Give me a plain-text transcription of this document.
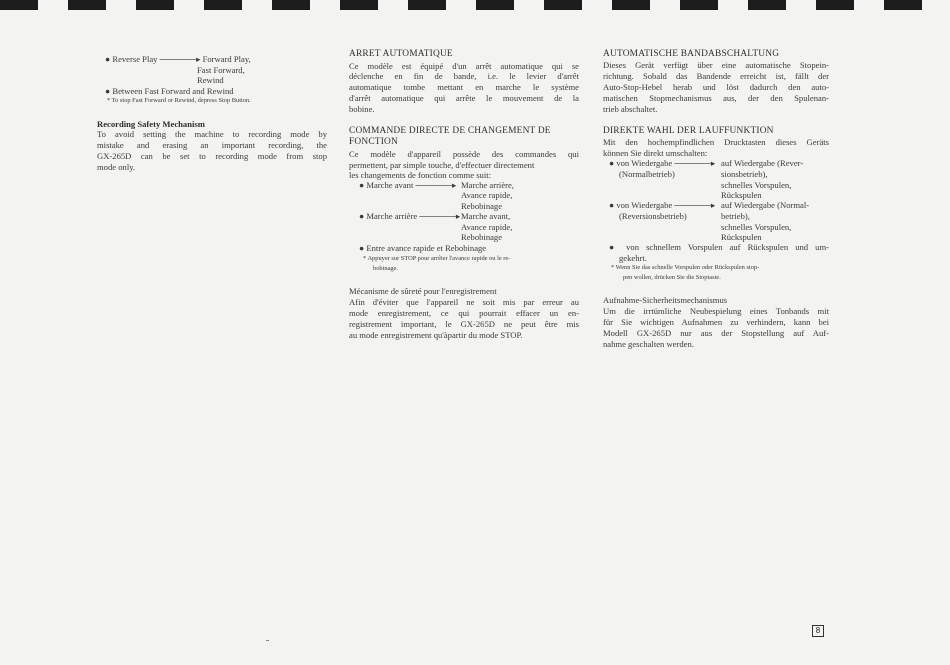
● Reverse Play ──────▸ Forward Play,
Fast Forward,
Rewind
● Between Fast Forward and Rewind
* To stop Fast Forward or Rewind, depress Stop Button.
Recording Safety Mechanism
To avoid setting the machine to recording mode by
mistake and erasing an important recording, the
GX-265D can be set to recording mode from stop
mode only.
ARRET AUTOMATIQUE
Ce modèle est équipé d'un arrêt automatique qui se
déclenche en fin de bande, i.e. le levier d'arrêt
automatique tombe mettant en marche le système
d'arrêt automatique qui arrête le mouvement de la
bobine.
COMMANDE DIRECTE DE CHANGEMENT DE
FONCTION
Ce modèle d'appareil possède des commandes qui
permettent, par simple touche, d'effectuer directement
les changements de fonction comme suit:
● Marche avant ──────▸ Marche arrière,
Avance rapide,
Rebobinage
● Marche arrière ──────▸ Marche avant,
Avance rapide,
Rebobinage
● Entre avance rapide et Rebobinage
* Appuyer sur STOP pour arrêter l'avance rapide ou le re-
bobinage.
Mécanisme de sûreté pour l'enregistrement
Afin d'éviter que l'appareil ne soit mis par erreur au
mode enregistrement, ce qui pourrait effacer un en-
registrement important, le GX-265D ne peut être mis
au mode enregistrement qu'àpartir du mode STOP.
AUTOMATISCHE BANDABSCHALTUNG
Dieses Gerät verfügt über eine automatische Stopein-
richtung. Sobald das Bandende erreicht ist, fällt der
Auto-Stop-Hebel herab und löst dadurch den auto-
matischen Stopmechanismus aus, der den Spulenan-
trieb abschaltet.
DIREKTE WAHL DER LAUFFUNKTION
Mit den hochempfindlichen Drucktasten dieses Geräts
können Sie direkt umschalten:
● von Wiedergabe ──────▸ auf Wiedergabe (Rever-
(Normalbetrieb)	sionsbetrieb),
schnelles Vorspulen,
Rückspulen
● von Wiedergabe ──────▸ auf Wiedergabe (Normal-
(Reversionsbetrieb)	betrieb),
schnelles Vorspulen,
Rückspulen
● von schnellem Vorspulen auf Rückspulen und um-
gekehrt.
* Wenn Sie das schnelle Vorspulen oder Rückspulen stop-
pen wollen, drücken Sie die Stoptaste.
Aufnahme-Sicherheitsmechanismus
Um die irrtümliche Neubespielung eines Tonbands mit
für Sie wichtigen Aufnahmen zu verhindern, kann bei
Modell GX-265D nur aus der Stopstellung auf Auf-
nahme geschalten werden.
8
